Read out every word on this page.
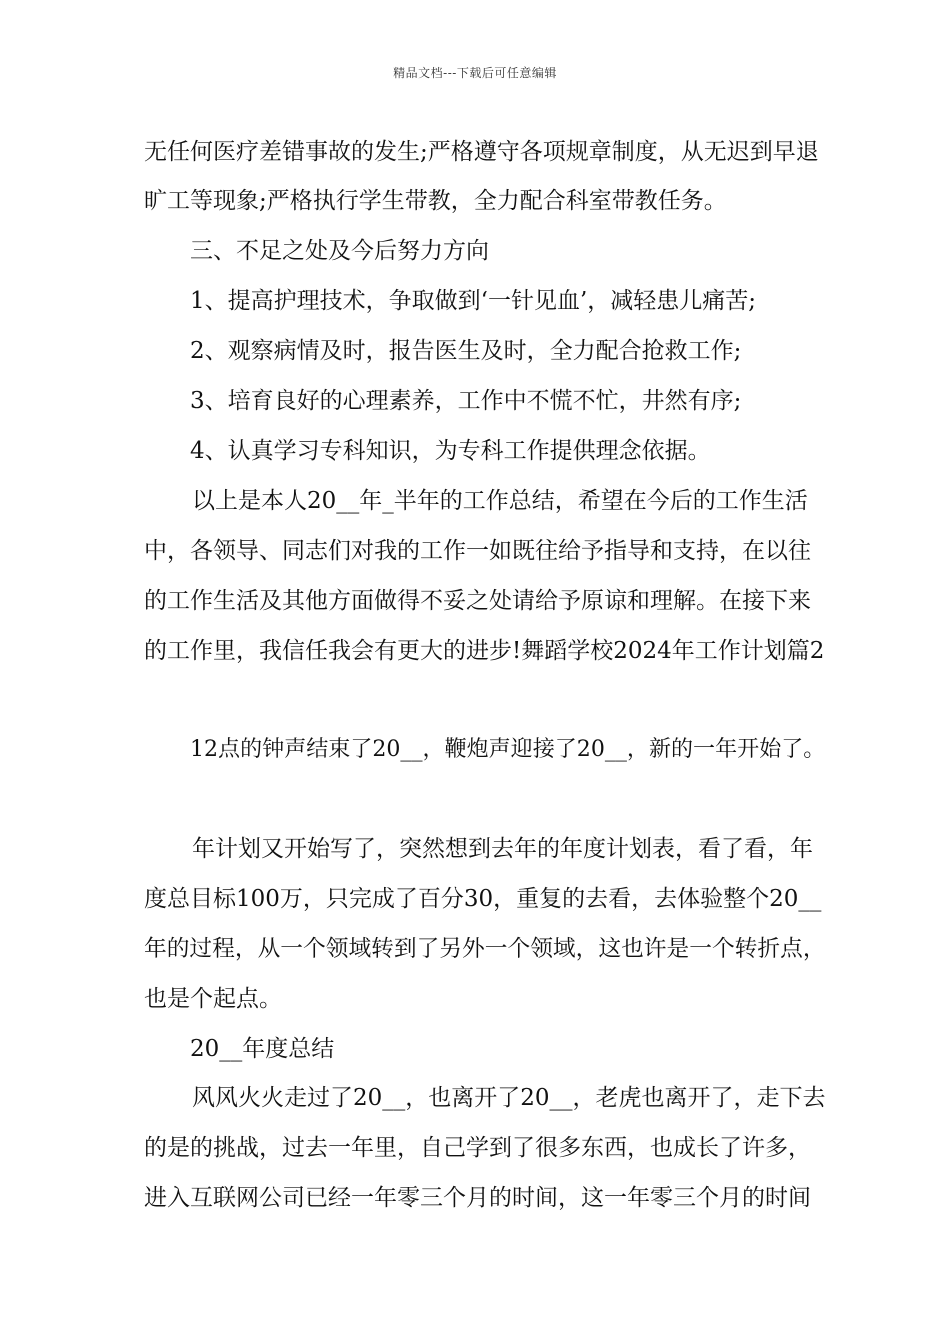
精品文档---下载后可任意编辑
无任何医疗差错事故的发生;严格遵守各项规章制度，从无迟到早退
旷工等现象;严格执行学生带教，全力配合科室带教任务。
三、不足之处及今后努力方向
1、提高护理技术，争取做到‘一针见血’，减轻患儿痛苦;
2、观察病情及时，报告医生及时，全力配合抢救工作;
3、培育良好的心理素养，工作中不慌不忙，井然有序;
4、认真学习专科知识，为专科工作提供理念依据。
以上是本人20__年_半年的工作总结，希望在今后的工作生活
中，各领导、同志们对我的工作一如既往给予指导和支持，在以往
的工作生活及其他方面做得不妥之处请给予原谅和理解。在接下来
的工作里，我信任我会有更大的进步!舞蹈学校2024年工作计划篇2
12点的钟声结束了20__，鞭炮声迎接了20__，新的一年开始了。
年计划又开始写了，突然想到去年的年度计划表，看了看，年
度总目标100万，只完成了百分30，重复的去看，去体验整个20__
年的过程，从一个领域转到了另外一个领域，这也许是一个转折点，
也是个起点。
20__年度总结
风风火火走过了20__，也离开了20__，老虎也离开了，走下去
的是的挑战，过去一年里，自己学到了很多东西，也成长了许多，
进入互联网公司已经一年零三个月的时间，这一年零三个月的时间
